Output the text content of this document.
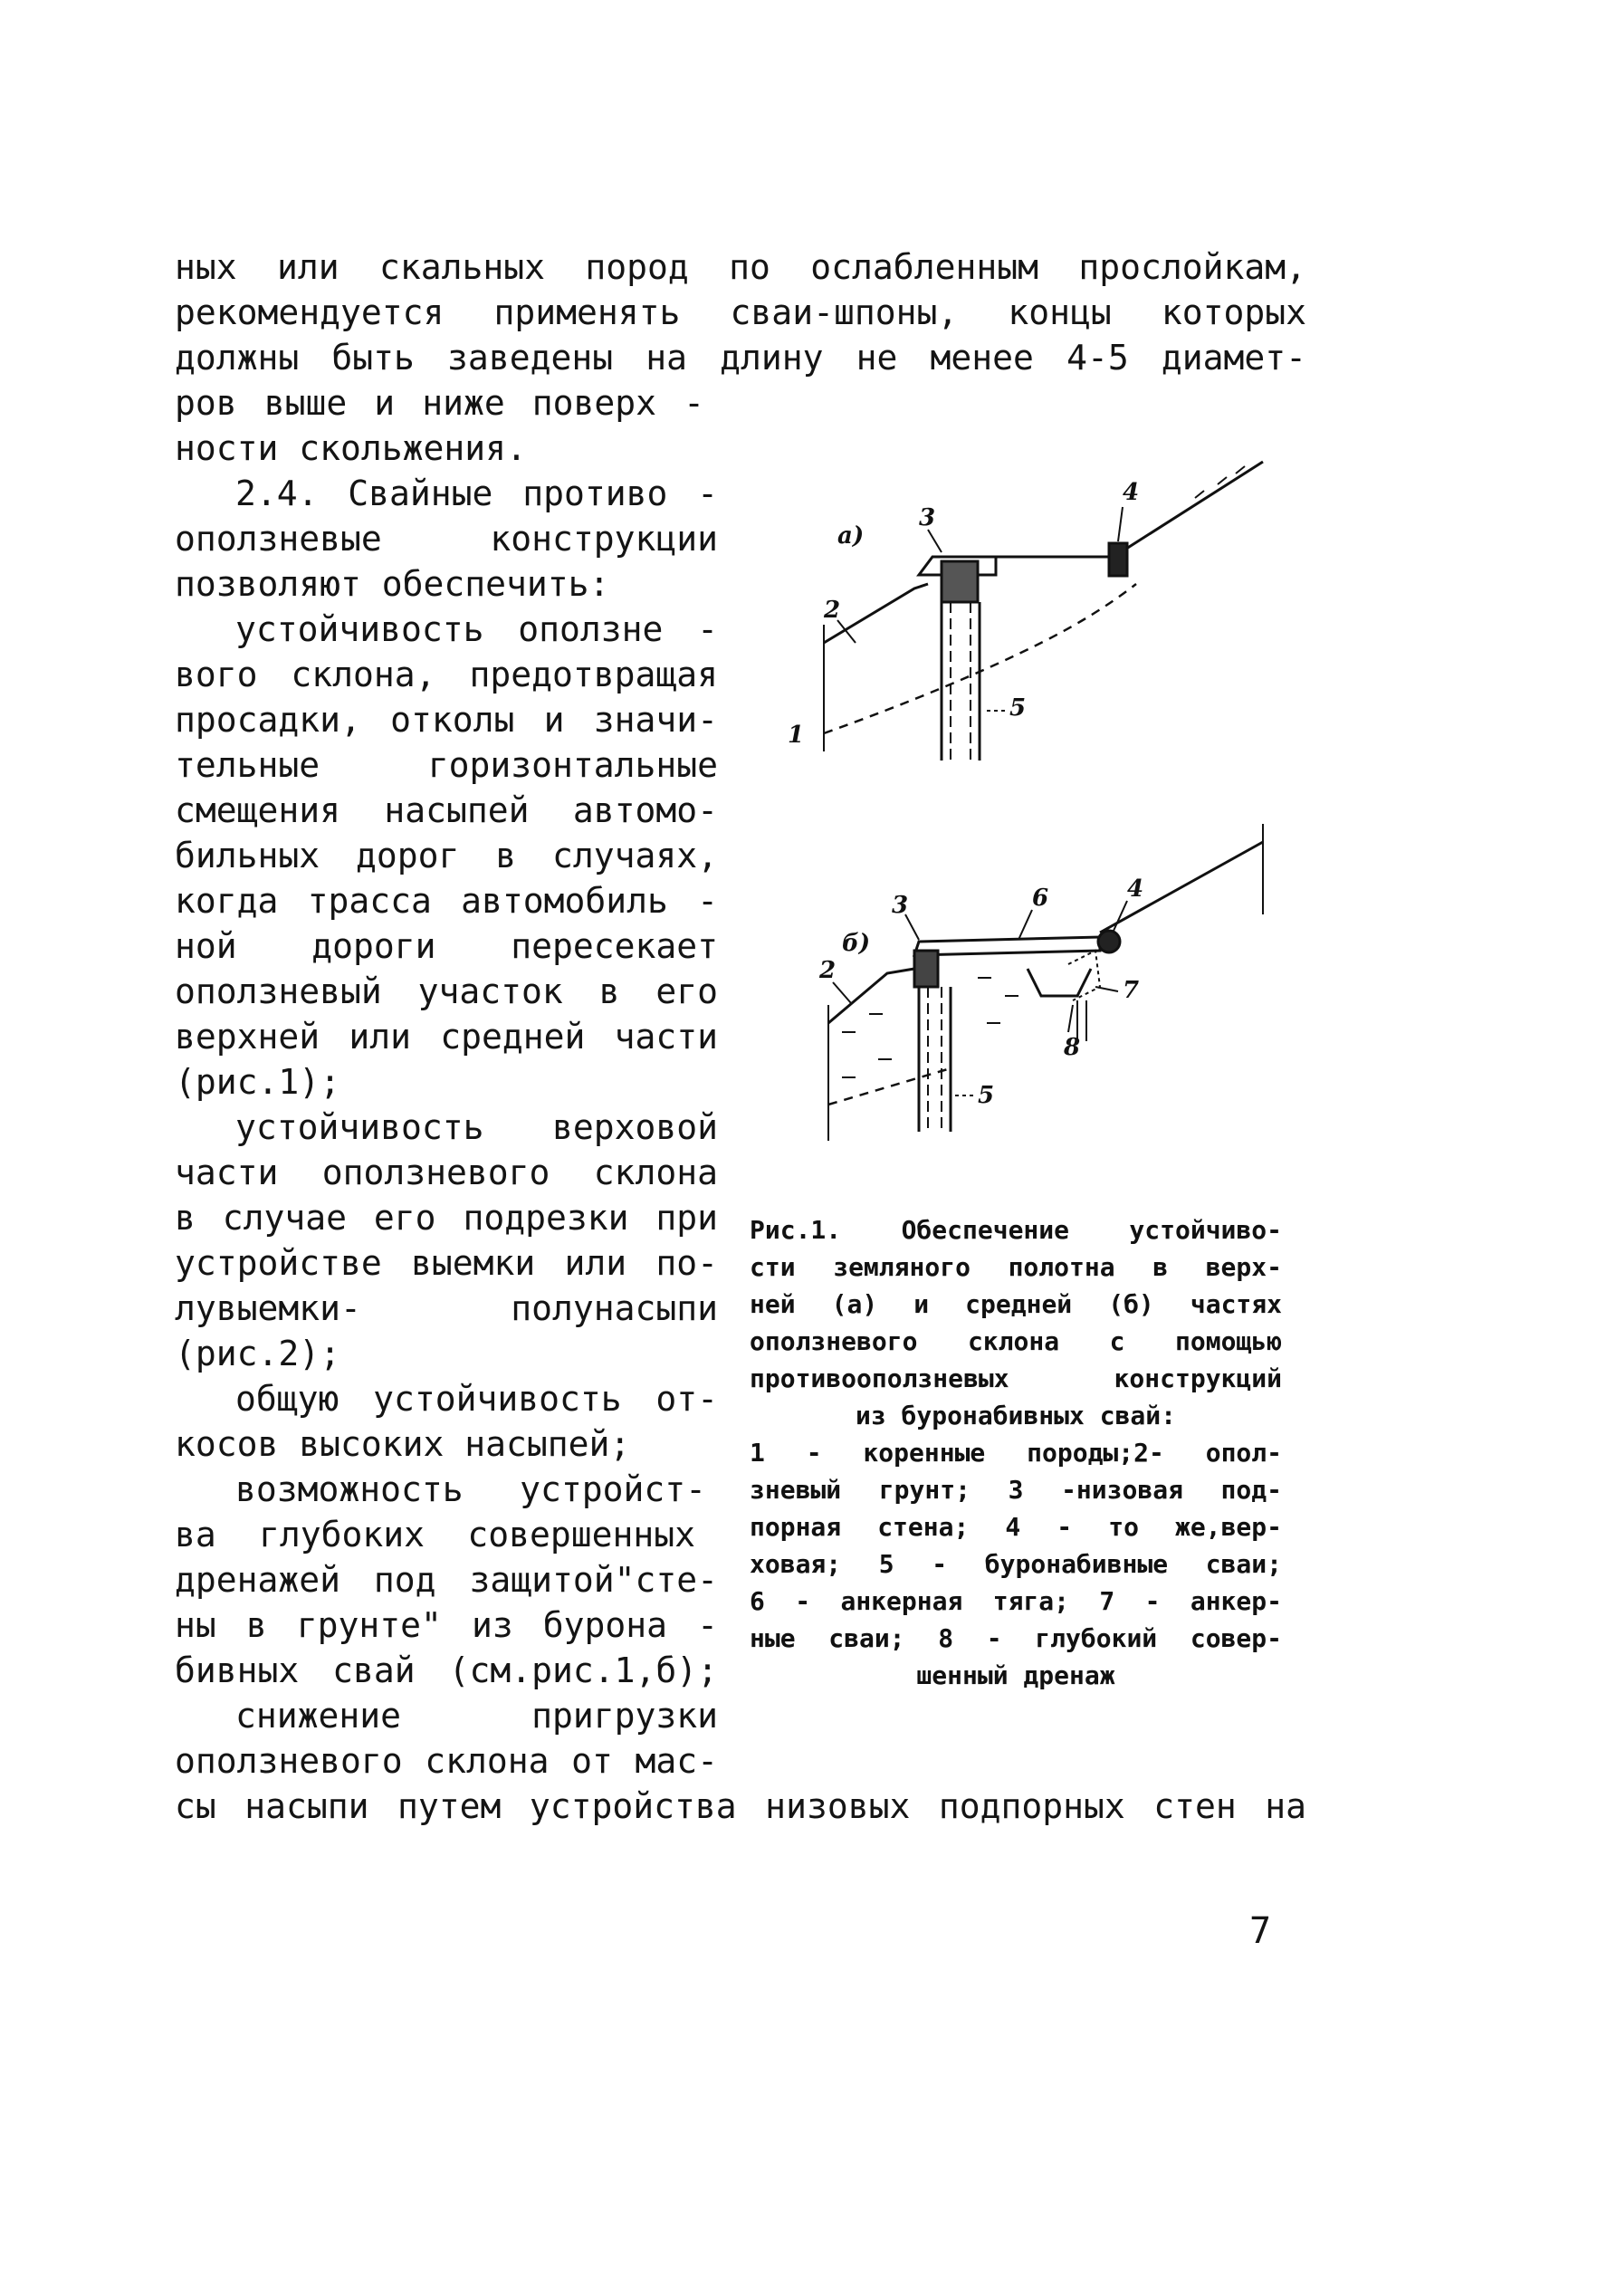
ных или скальных пород по ослабленным прослойкам,
рекомендуется применять сваи-шпоны, концы которых
должны быть заведены на длину не менее 4-5 диамет-
ров выше и ниже поверх -
ности скольжения.
2.4. Свайные противо -
оползневые конструкции
позволяют обеспечить:
устойчивость оползне -
вого склона, предотвращая
просадки, отколы и значи-
тельные горизонтальные
смещения насыпей автомо-
бильных дорог в случаях,
когда трасса автомобиль -
ной дороги пересекает
оползневый участок в его
верхней или средней части
(рис.1);
устойчивость верховой
части оползневого склона
в случае его подрезки при
устройстве выемки или по-
лувыемки- полунасыпи
(рис.2);
общую устойчивость от-
косов высоких насыпей;
возможность устройст-
ва глубоких совершенных
дренажей под защитой"сте-
ны в грунте" из бурона -
бивных свай (см.рис.1,б);
снижение пригрузки
оползневого склона от мас-
сы насыпи путем устройства низовых подпорных стен на
а)
3
4
2
1
5
б)
3
4
6
2
7
8
5
Рис.1. Обеспечение устойчиво-
сти земляного полотна в верх-
ней (а) и средней (б) частях
оползневого склона с помощью
противооползневых конструкций
из буронабивных свай:
1 - коренные породы;2- опол-
зневый грунт; 3 -низовая под-
порная стена; 4 - то же,вер-
ховая; 5 - буронабивные сваи;
6 - анкерная тяга; 7 - анкер-
ные сваи; 8 - глубокий совер-
шенный дренаж
7
